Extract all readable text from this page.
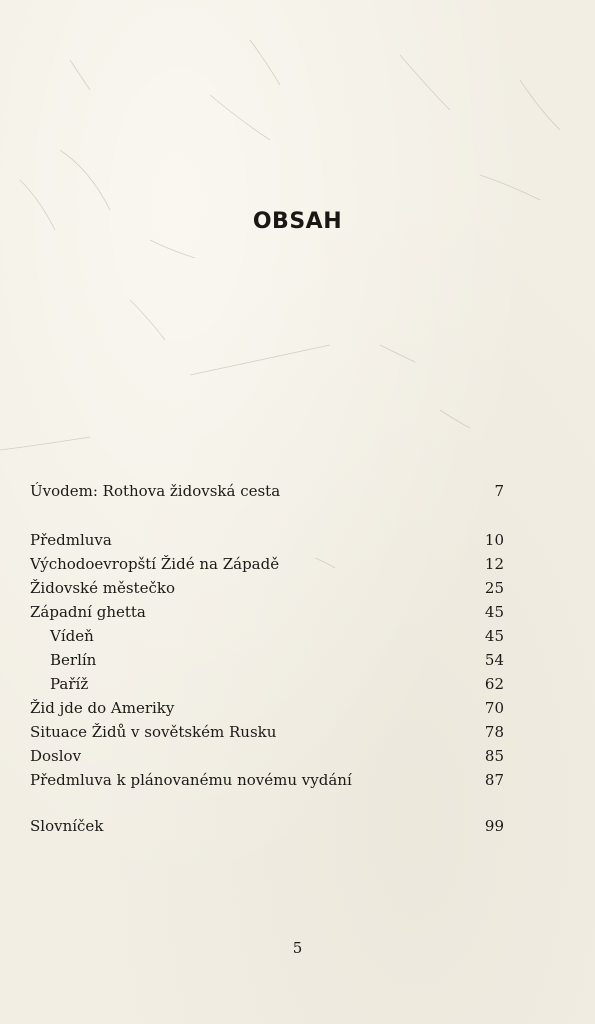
OBSAH
Úvodem: Rothova židovská cesta	7
Předmluva	10
Východoevropští Židé na Západě	12
Židovské městečko	25
Západní ghetta	45
Vídeň	45
Berlín	54
Paříž	62
Žid jde do Ameriky	70
Situace Židů v sovětském Rusku	78
Doslov	85
Předmluva k plánovanému novému vydání	87
Slovníček	99
5
